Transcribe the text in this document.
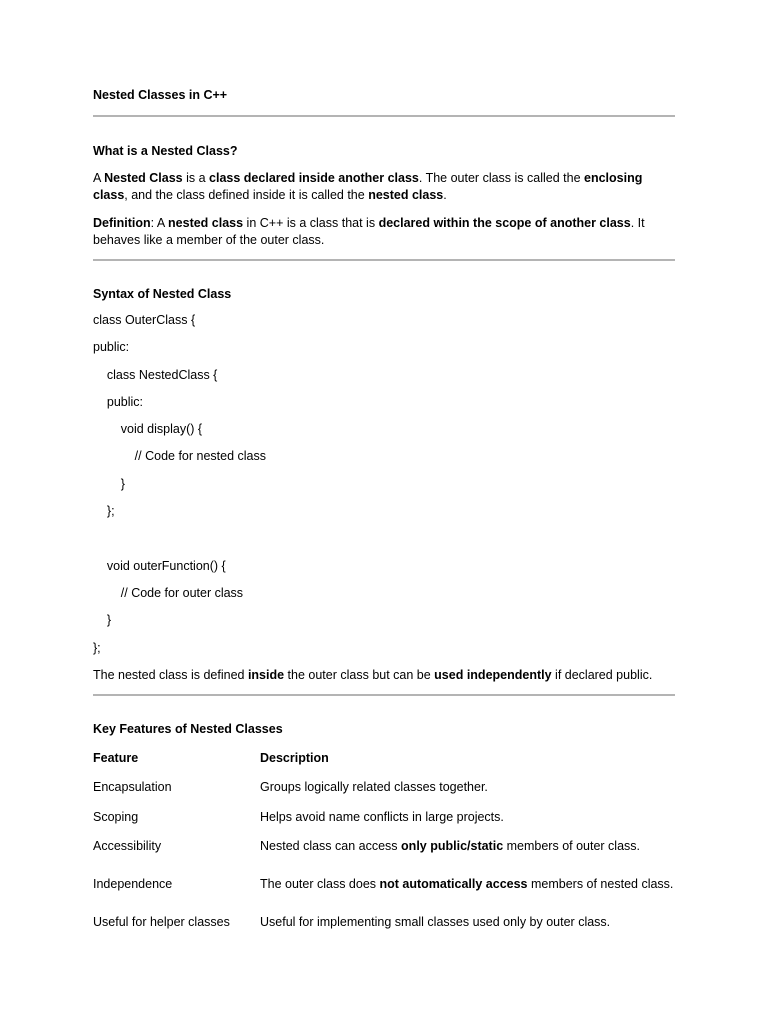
Nested Classes in C++

What is a Nested Class?

A Nested Class is a class declared inside another class. The outer class is called the enclosing class, and the class defined inside it is called the nested class.

Definition: A nested class in C++ is a class that is declared within the scope of another class. It behaves like a member of the outer class.

Syntax of Nested Class

class OuterClass {

public:

class NestedClass {

public:

void display() {

// Code for nested class

}

};

void outerFunction() {

// Code for outer class

}

};

The nested class is defined inside the outer class but can be used independently if declared public.

Key Features of Nested Classes

Feature	Description
Encapsulation	Groups logically related classes together.
Scoping	Helps avoid name conflicts in large projects.
Accessibility	Nested class can access only public/static members of outer class.
Independence	The outer class does not automatically access members of nested class.
Useful for helper classes	Useful for implementing small classes used only by outer class.
